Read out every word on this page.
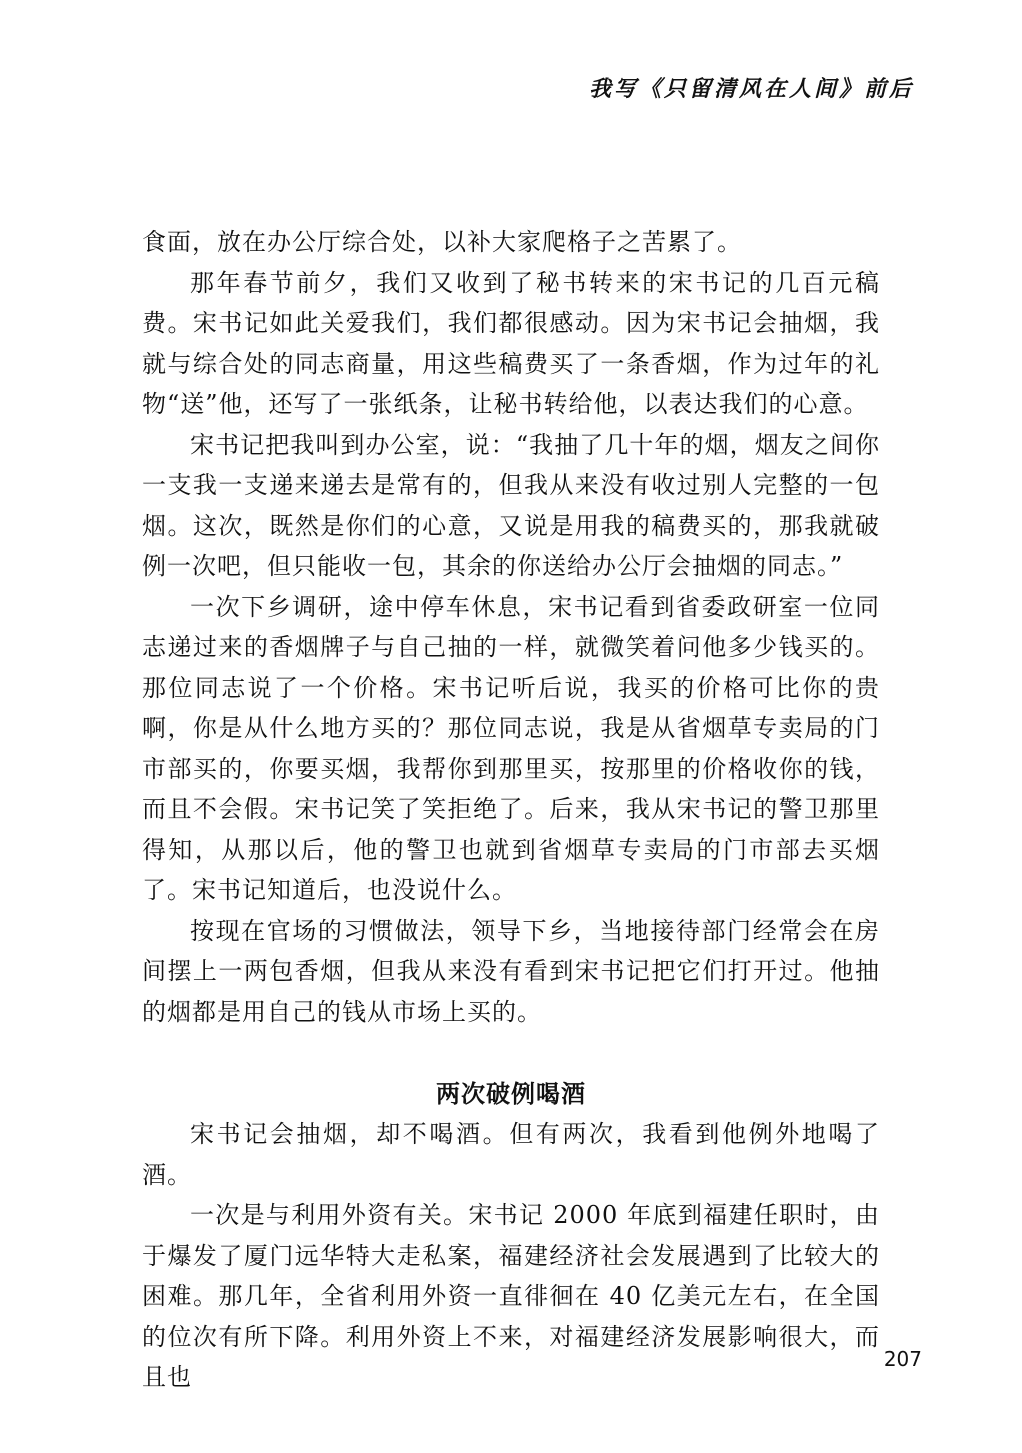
我写《只留清风在人间》前后

食面，放在办公厅综合处，以补大家爬格子之苦累了。

那年春节前夕，我们又收到了秘书转来的宋书记的几百元稿费。宋书记如此关爱我们，我们都很感动。因为宋书记会抽烟，我就与综合处的同志商量，用这些稿费买了一条香烟，作为过年的礼物“送”他，还写了一张纸条，让秘书转给他，以表达我们的心意。

宋书记把我叫到办公室，说：“我抽了几十年的烟，烟友之间你一支我一支递来递去是常有的，但我从来没有收过别人完整的一包烟。这次，既然是你们的心意，又说是用我的稿费买的，那我就破例一次吧，但只能收一包，其余的你送给办公厅会抽烟的同志。”

一次下乡调研，途中停车休息，宋书记看到省委政研室一位同志递过来的香烟牌子与自己抽的一样，就微笑着问他多少钱买的。那位同志说了一个价格。宋书记听后说，我买的价格可比你的贵啊，你是从什么地方买的？那位同志说，我是从省烟草专卖局的门市部买的，你要买烟，我帮你到那里买，按那里的价格收你的钱，而且不会假。宋书记笑了笑拒绝了。后来，我从宋书记的警卫那里得知，从那以后，他的警卫也就到省烟草专卖局的门市部去买烟了。宋书记知道后，也没说什么。

按现在官场的习惯做法，领导下乡，当地接待部门经常会在房间摆上一两包香烟，但我从来没有看到宋书记把它们打开过。他抽的烟都是用自己的钱从市场上买的。

两次破例喝酒

宋书记会抽烟，却不喝酒。但有两次，我看到他例外地喝了酒。

一次是与利用外资有关。宋书记 2000 年底到福建任职时，由于爆发了厦门远华特大走私案，福建经济社会发展遇到了比较大的困难。那几年，全省利用外资一直徘徊在 40 亿美元左右，在全国的位次有所下降。利用外资上不来，对福建经济发展影响很大，而且也

207
